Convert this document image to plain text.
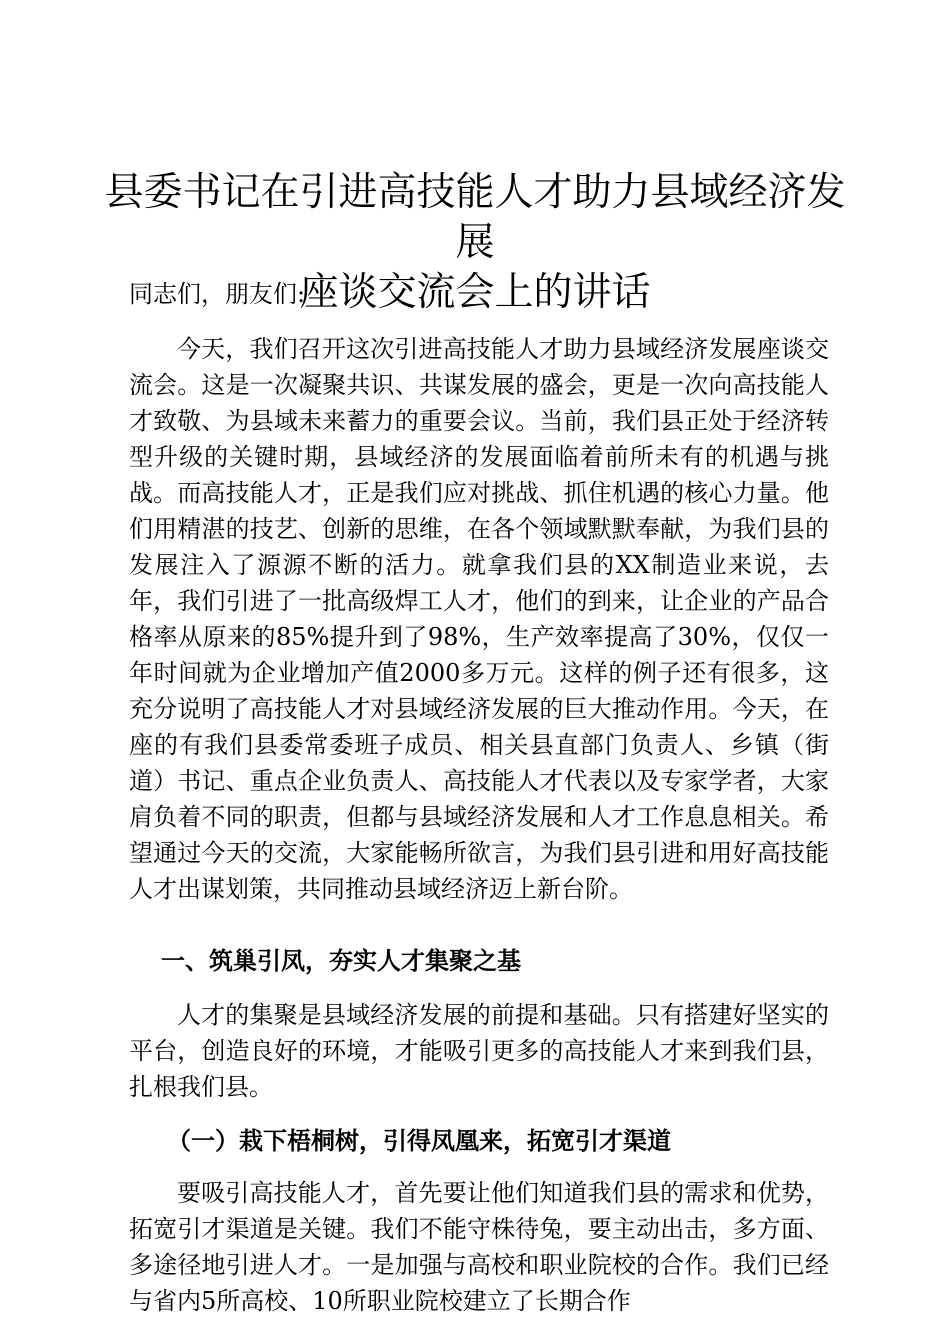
县委书记在引进高技能人才助力县域经济发展
座谈交流会上的讲话
同志们，朋友们:

今天，我们召开这次引进高技能人才助力县域经济发展座谈交流会。这是一次凝聚共识、共谋发展的盛会，更是一次向高技能人才致敬、为县域未来蓄力的重要会议。当前，我们县正处于经济转型升级的关键时期，县域经济的发展面临着前所未有的机遇与挑战。而高技能人才，正是我们应对挑战、抓住机遇的核心力量。他们用精湛的技艺、创新的思维，在各个领域默默奉献，为我们县的发展注入了源源不断的活力。就拿我们县的XX制造业来说，去年，我们引进了一批高级焊工人才，他们的到来，让企业的产品合格率从原来的85%提升到了98%，生产效率提高了30%，仅仅一年时间就为企业增加产值2000多万元。这样的例子还有很多，这充分说明了高技能人才对县域经济发展的巨大推动作用。今天，在座的有我们县委常委班子成员、相关县直部门负责人、乡镇（街道）书记、重点企业负责人、高技能人才代表以及专家学者，大家肩负着不同的职责，但都与县域经济发展和人才工作息息相关。希望通过今天的交流，大家能畅所欲言，为我们县引进和用好高技能人才出谋划策，共同推动县域经济迈上新台阶。

一、筑巢引凤，夯实人才集聚之基

人才的集聚是县域经济发展的前提和基础。只有搭建好坚实的平台，创造良好的环境，才能吸引更多的高技能人才来到我们县，扎根我们县。

（一）栽下梧桐树，引得凤凰来，拓宽引才渠道

要吸引高技能人才，首先要让他们知道我们县的需求和优势，拓宽引才渠道是关键。我们不能守株待兔，要主动出击，多方面、多途径地引进人才。一是加强与高校和职业院校的合作。我们已经与省内5所高校、10所职业院校建立了长期合作
